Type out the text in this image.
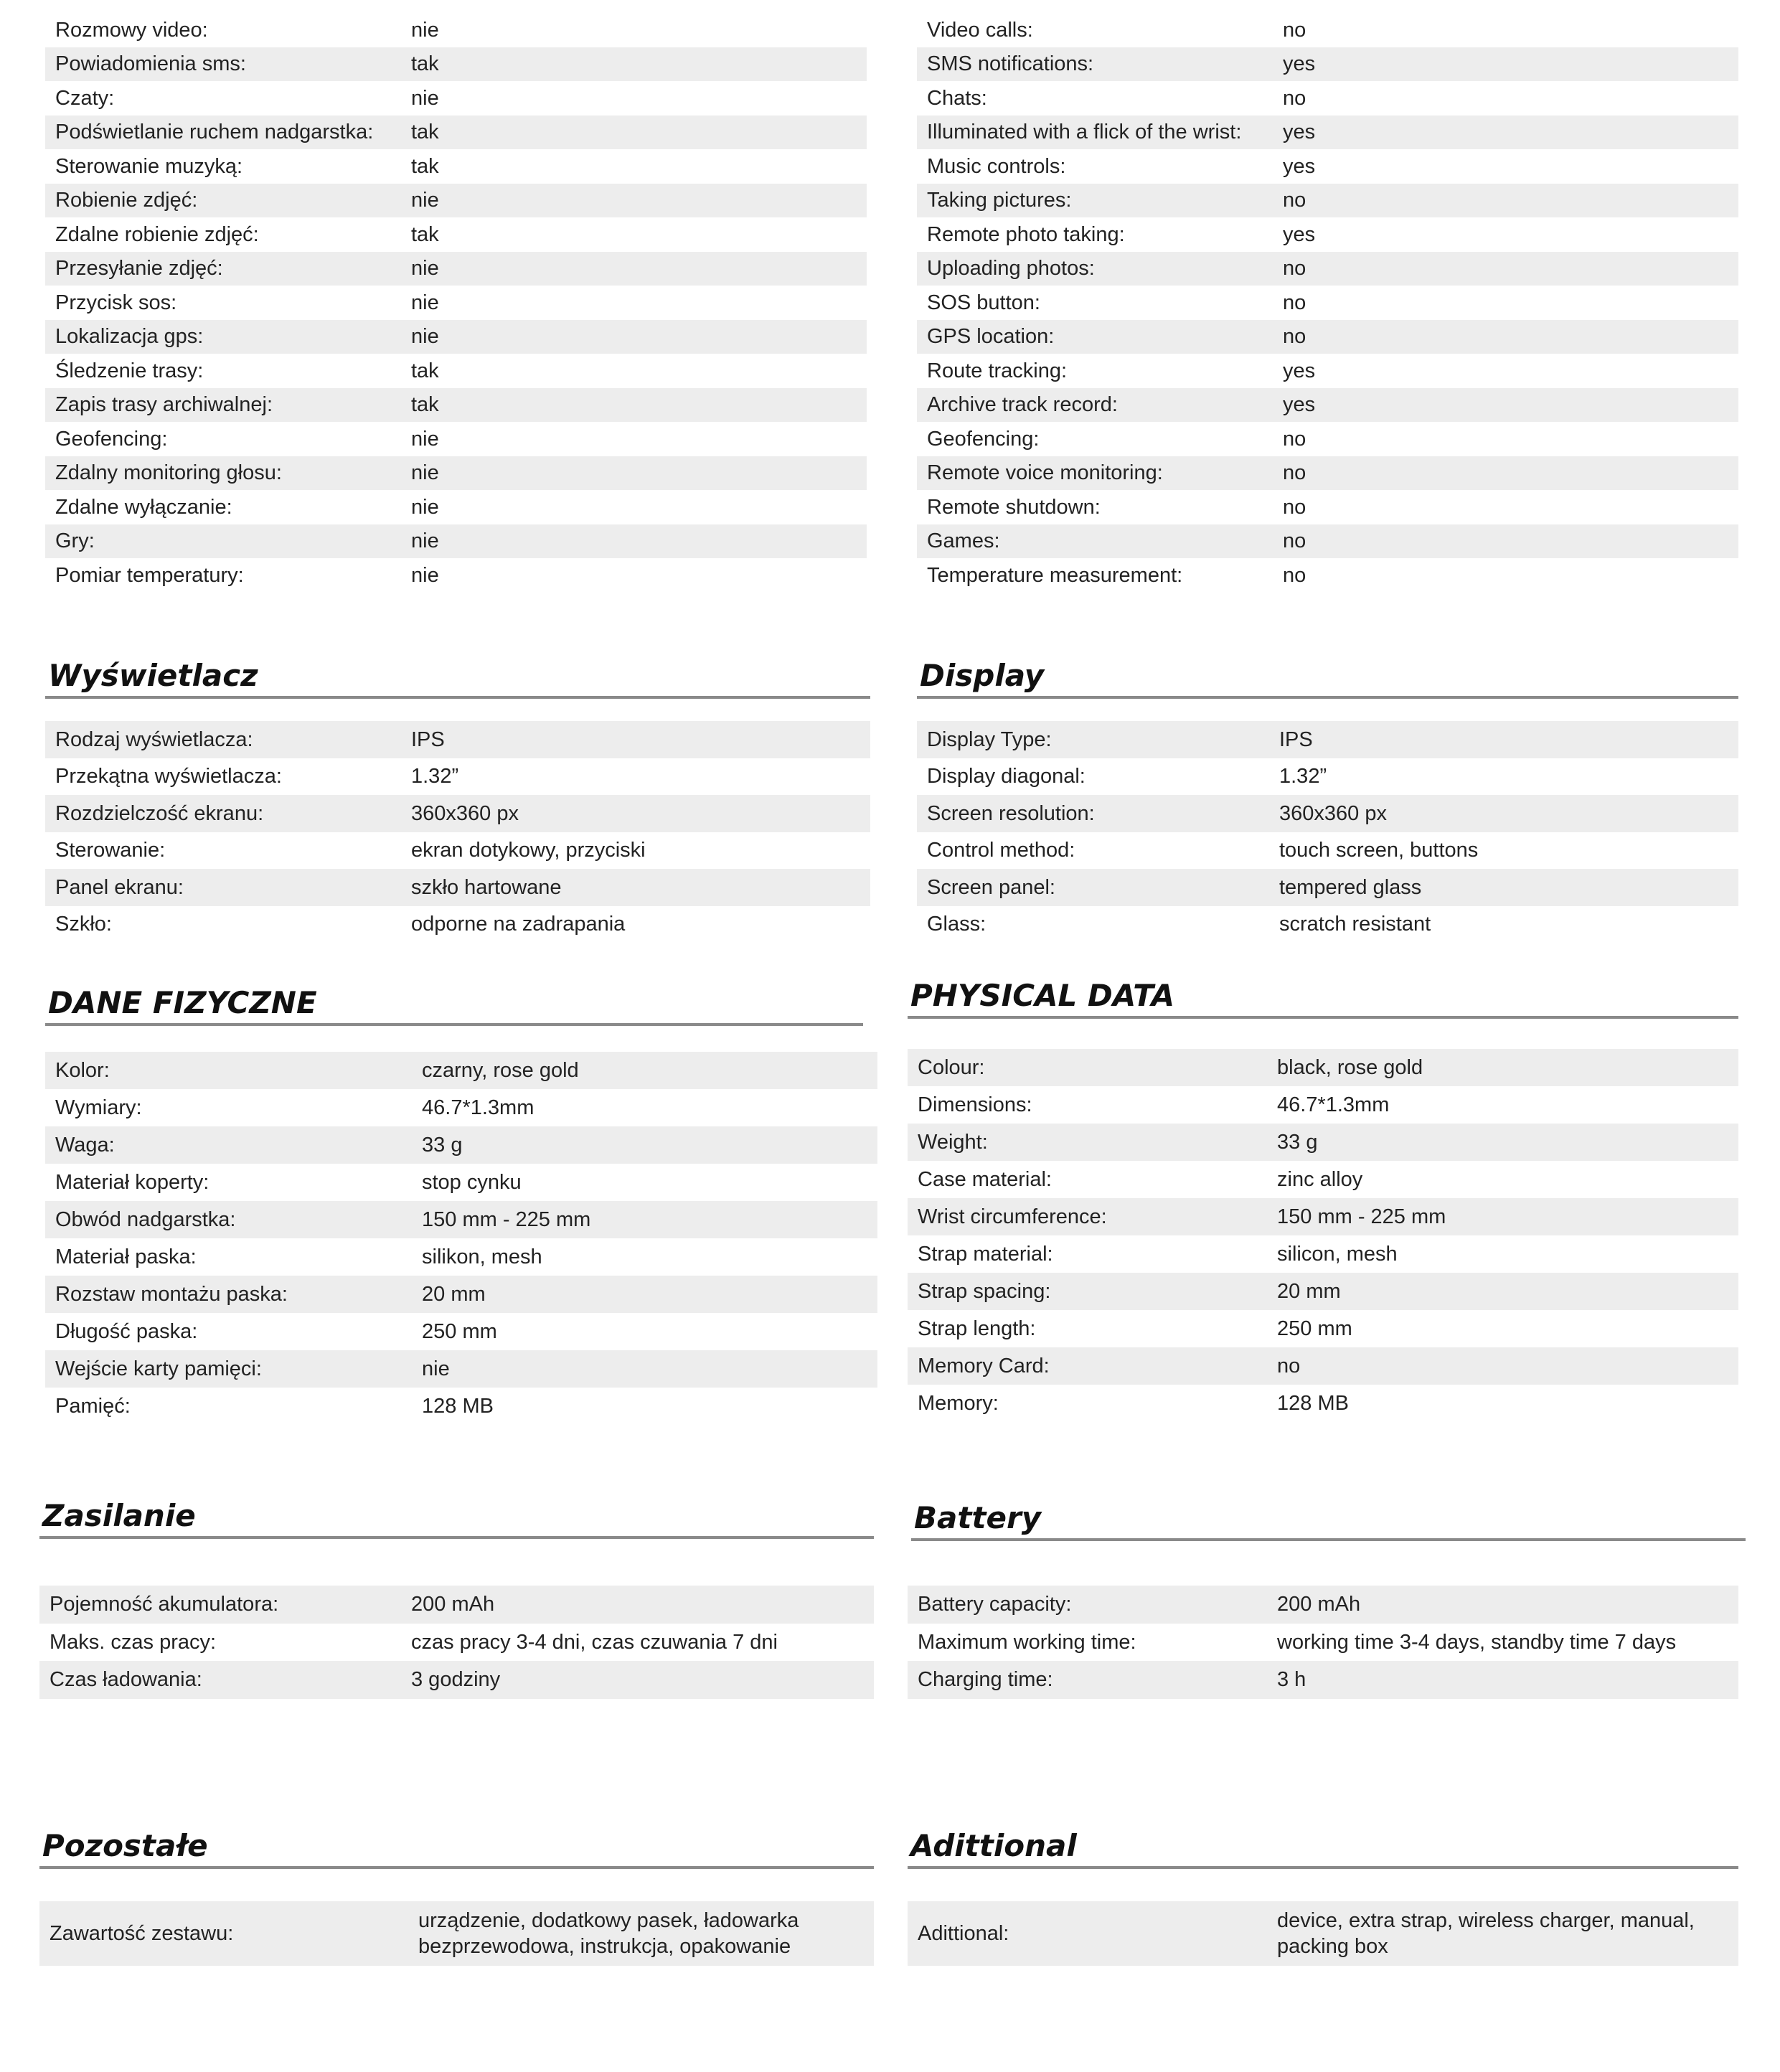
Rozmowy video:	nie
Powiadomienia sms:	tak
Czaty:	nie
Podświetlanie ruchem nadgarstka:	tak
Sterowanie muzyką:	tak
Robienie zdjęć:	nie
Zdalne robienie zdjęć:	tak
Przesyłanie zdjęć:	nie
Przycisk sos:	nie
Lokalizacja gps:	nie
Śledzenie trasy:	tak
Zapis trasy archiwalnej:	tak
Geofencing:	nie
Zdalny monitoring głosu:	nie
Zdalne wyłączanie:	nie
Gry:	nie
Pomiar temperatury:	nie
Wyświetlacz
Rodzaj wyświetlacza:	IPS
Przekątna wyświetlacza:	1.32”
Rozdzielczość ekranu:	360x360 px
Sterowanie:	ekran dotykowy, przyciski
Panel ekranu:	szkło hartowane
Szkło:	odporne na zadrapania
DANE FIZYCZNE
Kolor:	czarny, rose gold
Wymiary:	46.7*1.3mm
Waga:	33 g
Materiał koperty:	stop cynku
Obwód nadgarstka:	150 mm - 225 mm
Materiał paska:	silikon, mesh
Rozstaw montażu paska:	20 mm
Długość paska:	250 mm
Wejście karty pamięci:	nie
Pamięć:	128 MB
Zasilanie
Pojemność akumulatora:	200 mAh
Maks. czas pracy:	czas pracy 3-4 dni, czas czuwania 7 dni
Czas ładowania:	3 godziny
Pozostałe
Zawartość zestawu:
urządzenie, dodatkowy pasek, ładowarka bezprzewodowa, instrukcja, opakowanie
Video calls:	no
SMS notifications:	yes
Chats:	no
Illuminated with a flick of the wrist:	yes
Music controls:	yes
Taking pictures:	no
Remote photo taking:	yes
Uploading photos:	no
SOS button:	no
GPS location:	no
Route tracking:	yes
Archive track record:	yes
Geofencing:	no
Remote voice monitoring:	no
Remote shutdown:	no
Games:	no
Temperature measurement:	no
Display
Display Type:	IPS
Display diagonal:	1.32”
Screen resolution:	360x360 px
Control method:	touch screen, buttons
Screen panel:	tempered glass
Glass:	scratch resistant
PHYSICAL DATA
Colour:	black, rose gold
Dimensions:	46.7*1.3mm
Weight:	33 g
Case material:	zinc alloy
Wrist circumference:	150 mm - 225 mm
Strap material:	silicon, mesh
Strap spacing:	20 mm
Strap length:	250 mm
Memory Card:	no
Memory:	128 MB
Battery
Battery capacity:	200 mAh
Maximum working time:	working time 3-4 days, standby time 7 days
Charging time:	3 h
Adittional
Adittional:
device, extra strap, wireless charger, manual, packing box
